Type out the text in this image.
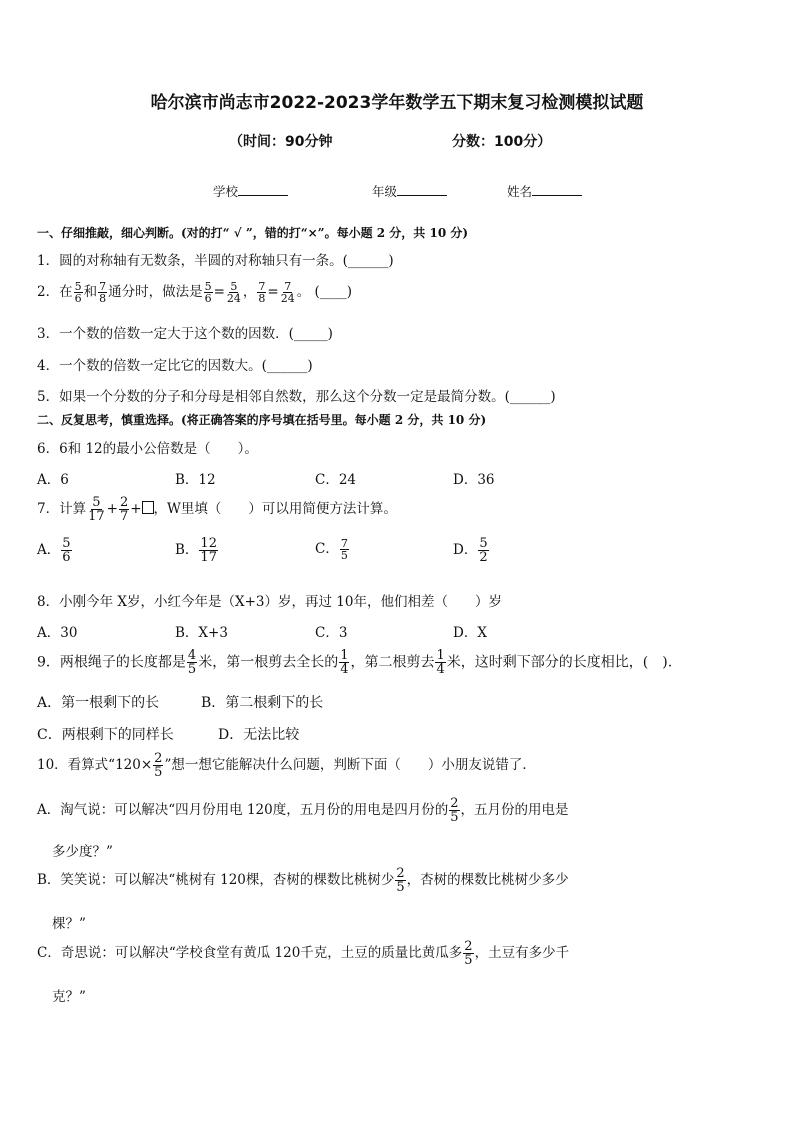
哈尔滨市尚志市2022-2023学年数学五下期末复习检测模拟试题
（时间：90分钟	分数：100分）
学校	年级	姓名
一、仔细推敲，细心判断。(对的打“ √ ”，错的打“×”。每小题 2 分，共 10 分)
1．圆的对称轴有无数条，半圆的对称轴只有一条。(______)
2．在 $\frac{5}{6}$ 和 $\frac{7}{8}$ 通分时，做法是 $\frac{5}{6} = \frac{5}{24}$ ， $\frac{7}{8} = \frac{7}{24}$ 。 (____)
3．一个数的倍数一定大于这个数的因数．(_____)
4．一个数的倍数一定比它的因数大。(______)
5．如果一个分数的分子和分母是相邻自然数，那么这个分数一定是最简分数。(______)
二、反复思考，慎重选择。(将正确答案的序号填在括号里。每小题 2 分，共 10 分)
6．6和 12的最小公倍数是（　　）。
A．6	B．12	C．24	D．36
7．计算 $\frac{5}{17} + \frac{2}{7}$ + ，W里填（　　）可以用简便方法计算。
A． $\frac{5}{6}$	B． $\frac{12}{17}$	C． $\frac{7}{5}$	D． $\frac{5}{2}$
8．小刚今年 X岁，小红今年是（X+3）岁，再过 10年，他们相差（　　）岁
A．30	B．X+3	C．3	D．X
9．两根绳子的长度都是 $\frac{4}{5}$ 米，第一根剪去全长的 $\frac{1}{4}$ ，第二根剪去 $\frac{1}{4}$ 米，这时剩下部分的长度相比，(　).
A．第一根剩下的长	B．第二根剩下的长
C．两根剩下的同样长	D．无法比较
10．看算式“$120\times \frac{2}{5}$ ”想一想它能解决什么问题，判断下面（　　）小朋友说错了．
A．淘气说：可以解决“四月份用电 120度，五月份的用电是四月份的 $\frac{2}{5}$ ，五月份的用电是
多少度？”
B．笑笑说：可以解决“桃树有 120棵，杏树的棵数比桃树少 $\frac{2}{5}$ ，杏树的棵数比桃树少多少
棵？”
C．奇思说：可以解决“学校食堂有黄瓜 120千克，土豆的质量比黄瓜多 $\frac{2}{5}$ ，土豆有多少千
克？”
